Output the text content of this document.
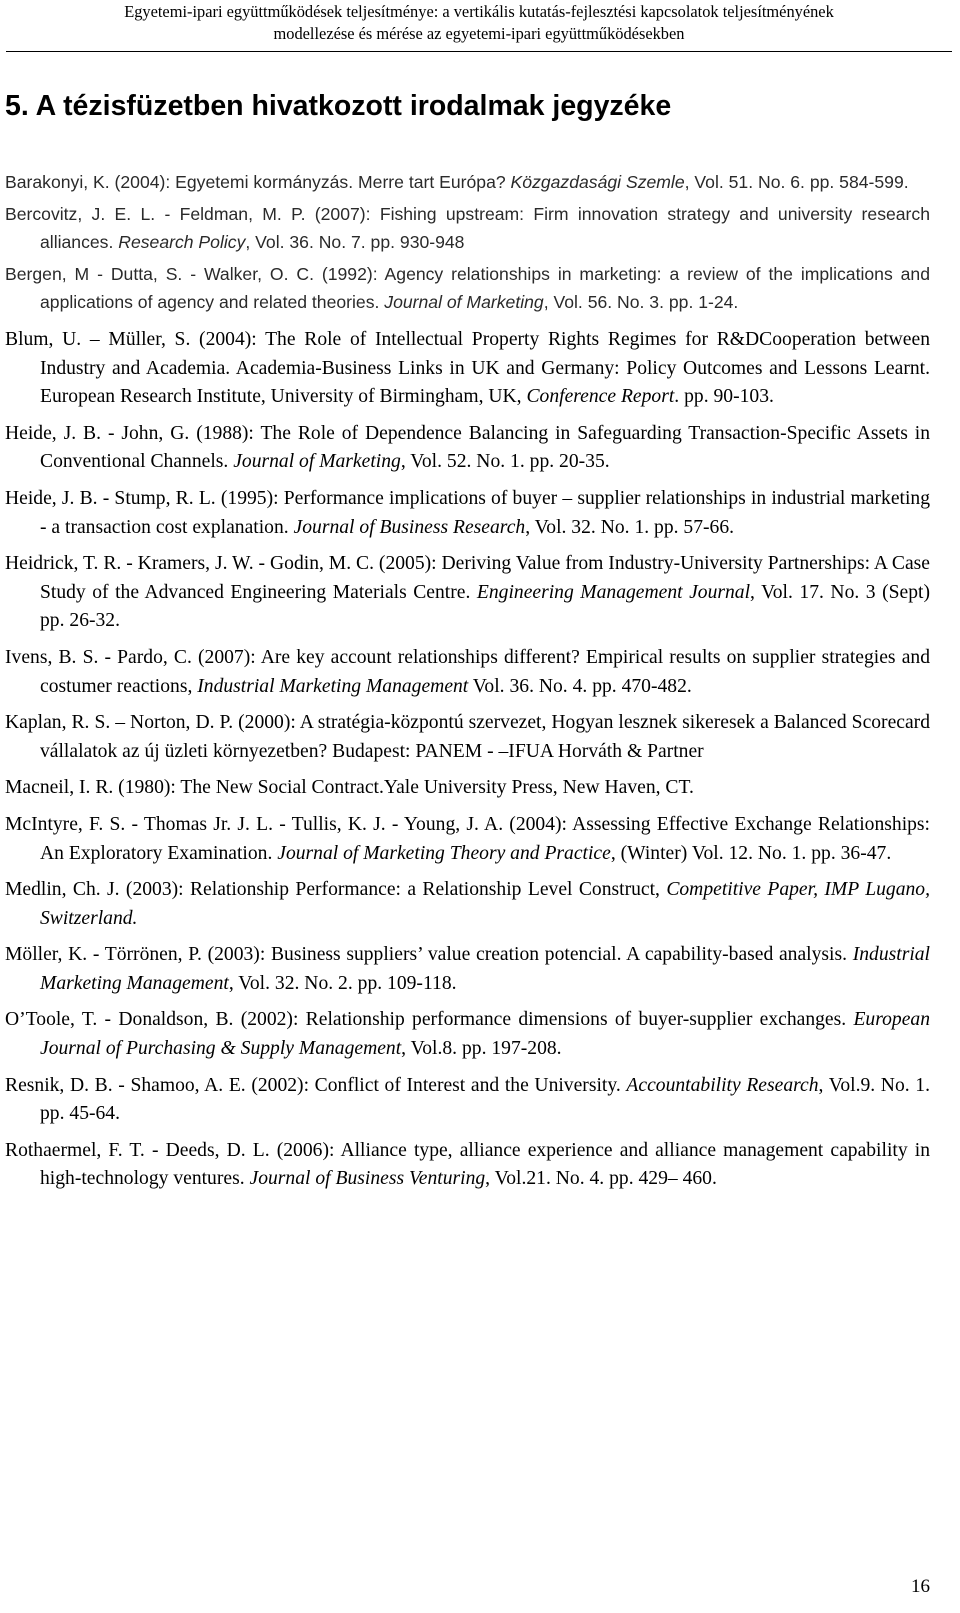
Egyetemi-ipari együttműködések teljesítménye: a vertikális kutatás-fejlesztési kapcsolatok teljesítményének
modellezése és mérése az egyetemi-ipari együttműködésekben
5. A tézisfüzetben hivatkozott irodalmak jegyzéke

Barakonyi, K. (2004): Egyetemi kormányzás. Merre tart Európa? Közgazdasági Szemle, Vol. 51. No. 6. pp. 584-599.

Bercovitz, J. E. L. - Feldman, M. P. (2007): Fishing upstream: Firm innovation strategy and university research alliances. Research Policy, Vol. 36. No. 7. pp. 930-948

Bergen, M - Dutta, S. - Walker, O. C. (1992): Agency relationships in marketing: a review of the implications and applications of agency and related theories. Journal of Marketing, Vol. 56. No. 3. pp. 1-24.

Blum, U. – Müller, S. (2004): The Role of Intellectual Property Rights Regimes for R&DCooperation between Industry and Academia. Academia-Business Links in UK and Germany: Policy Outcomes and Lessons Learnt. European Research Institute, University of Birmingham, UK, Conference Report. pp. 90-103.

Heide, J. B. - John, G. (1988): The Role of Dependence Balancing in Safeguarding Transaction-Specific Assets in Conventional Channels. Journal of Marketing, Vol. 52. No. 1. pp. 20-35.

Heide, J. B. - Stump, R. L. (1995): Performance implications of buyer – supplier relationships in industrial marketing - a transaction cost explanation. Journal of Business Research, Vol. 32. No. 1. pp. 57-66.

Heidrick, T. R. - Kramers, J. W. - Godin, M. C. (2005): Deriving Value from Industry-University Partnerships: A Case Study of the Advanced Engineering Materials Centre. Engineering Management Journal, Vol. 17. No. 3 (Sept) pp. 26-32.

Ivens, B. S. - Pardo, C. (2007): Are key account relationships different? Empirical results on supplier strategies and costumer reactions, Industrial Marketing Management Vol. 36. No. 4. pp. 470-482.

Kaplan, R. S. – Norton, D. P. (2000): A stratégia-központú szervezet, Hogyan lesznek sikeresek a Balanced Scorecard vállalatok az új üzleti környezetben? Budapest: PANEM - –IFUA Horváth & Partner

Macneil, I. R. (1980): The New Social Contract.Yale University Press, New Haven, CT.

McIntyre, F. S. - Thomas Jr. J. L. - Tullis, K. J. - Young, J. A. (2004): Assessing Effective Exchange Relationships: An Exploratory Examination. Journal of Marketing Theory and Practice, (Winter) Vol. 12. No. 1. pp. 36-47.

Medlin, Ch. J. (2003): Relationship Performance: a Relationship Level Construct, Competitive Paper, IMP Lugano, Switzerland.

Möller, K. - Törrönen, P. (2003): Business suppliers’ value creation potencial. A capability-based analysis. Industrial Marketing Management, Vol. 32. No. 2. pp. 109-118.

O’Toole, T. - Donaldson, B. (2002): Relationship performance dimensions of buyer-supplier exchanges. European Journal of Purchasing & Supply Management, Vol.8. pp. 197-208.

Resnik, D. B. - Shamoo, A. E. (2002): Conflict of Interest and the University. Accountability Research, Vol.9. No. 1. pp. 45-64.

Rothaermel, F. T. - Deeds, D. L. (2006): Alliance type, alliance experience and alliance management capability in high-technology ventures. Journal of Business Venturing, Vol.21. No. 4. pp. 429– 460.

16
